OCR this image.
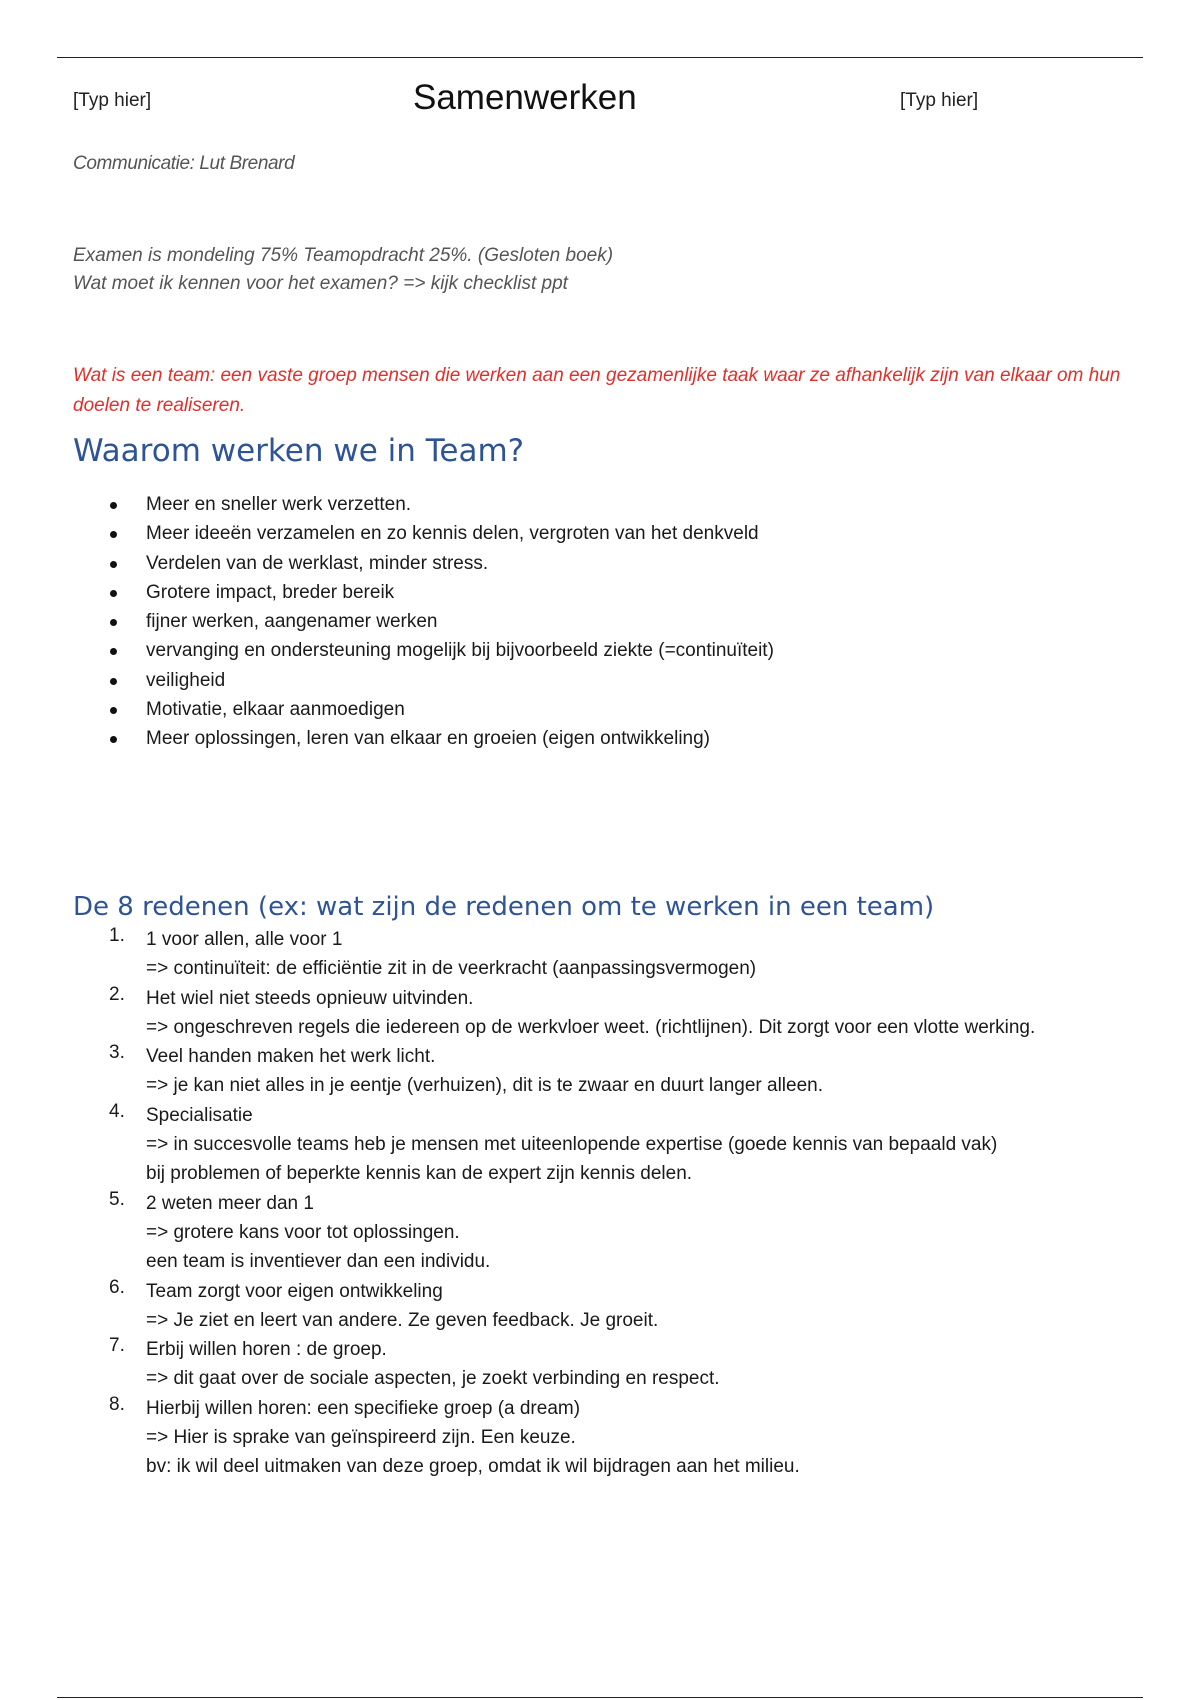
[Typ hier]	Samenwerken	[Typ hier]
Communicatie: Lut Brenard
Examen is mondeling 75% Teamopdracht 25%. (Gesloten boek)
Wat moet ik kennen voor het examen? => kijk checklist ppt
Wat is een team: een vaste groep mensen die werken aan een gezamenlijke taak waar ze afhankelijk zijn van elkaar om hun doelen te realiseren.
Waarom werken we in Team?
Meer en sneller werk verzetten.
Meer ideeën verzamelen en zo kennis delen, vergroten van het denkveld
Verdelen van de werklast, minder stress.
Grotere impact, breder bereik
fijner werken, aangenamer werken
vervanging en ondersteuning mogelijk bij bijvoorbeeld ziekte (=continuïteit)
veiligheid
Motivatie, elkaar aanmoedigen
Meer oplossingen, leren van elkaar en groeien (eigen ontwikkeling)
De 8 redenen (ex: wat zijn de redenen om te werken in een team)
1.	1 voor allen, alle voor 1
=> continuïteit: de efficiëntie zit in de veerkracht (aanpassingsvermogen)
2.	Het wiel niet steeds opnieuw uitvinden.
=> ongeschreven regels die iedereen op de werkvloer weet. (richtlijnen). Dit zorgt voor een vlotte werking.
3.	Veel handen maken het werk licht.
=> je kan niet alles in je eentje (verhuizen), dit is te zwaar en duurt langer alleen.
4.	Specialisatie
=> in succesvolle teams heb je mensen met uiteenlopende expertise (goede kennis van bepaald vak)
bij problemen of beperkte kennis kan de expert zijn kennis delen.
5.	2 weten meer dan 1
=> grotere kans voor tot oplossingen.
een team is inventiever dan een individu.
6.	Team zorgt voor eigen ontwikkeling
=> Je ziet en leert van andere. Ze geven feedback. Je groeit.
7.	Erbij willen horen : de groep.
=> dit gaat over de sociale aspecten, je zoekt verbinding en respect.
8.	Hierbij willen horen: een specifieke groep (a dream)
=> Hier is sprake van geïnspireerd zijn. Een keuze.
bv: ik wil deel uitmaken van deze groep, omdat ik wil bijdragen aan het milieu.
